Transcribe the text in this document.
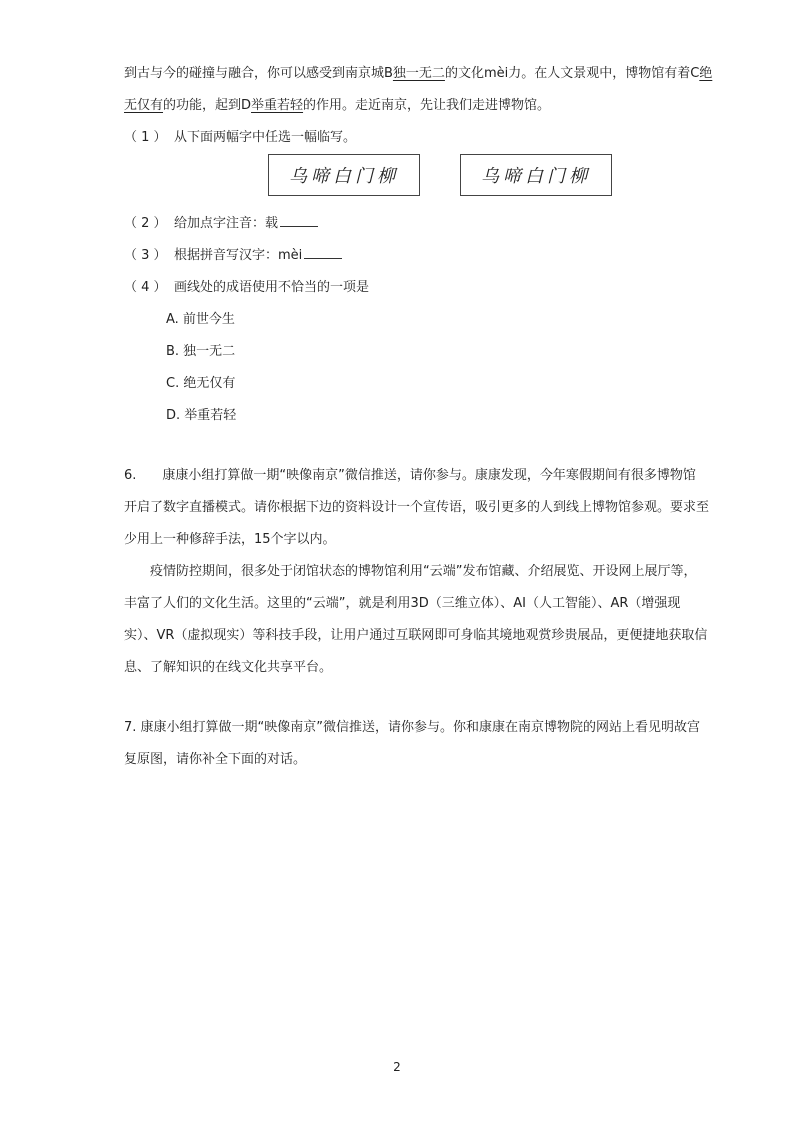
到古与今的碰撞与融合，你可以感受到南京城B独一无二的文化mèi力。在人文景观中，博物馆有着C绝
无仅有的功能，起到D举重若轻的作用。走近南京，先让我们走进博物馆。
（ 1 ） 从下面两幅字中任选一幅临写。
乌啼白门柳	乌啼白门柳
（ 2 ） 给加点字注音：载
（ 3 ） 根据拼音写汉字：mèi
（ 4 ） 画线处的成语使用不恰当的一项是
A. 前世今生
B. 独一无二
C. 绝无仅有
D. 举重若轻
6.　　康康小组打算做一期“映像南京”微信推送，请你参与。康康发现，今年寒假期间有很多博物馆
开启了数字直播模式。请你根据下边的资料设计一个宣传语，吸引更多的人到线上博物馆参观。要求至
少用上一种修辞手法，15个字以内。
　　疫情防控期间，很多处于闭馆状态的博物馆利用“云端”发布馆藏、介绍展览、开设网上展厅等，
丰富了人们的文化生活。这里的“云端”，就是利用3D（三维立体）、AI（人工智能）、AR（增强现
实）、VR（虚拟现实）等科技手段，让用户通过互联网即可身临其境地观赏珍贵展品，更便捷地获取信
息、了解知识的在线文化共享平台。
7. 康康小组打算做一期“映像南京”微信推送，请你参与。你和康康在南京博物院的网站上看见明故宫
复原图，请你补全下面的对话。
2
